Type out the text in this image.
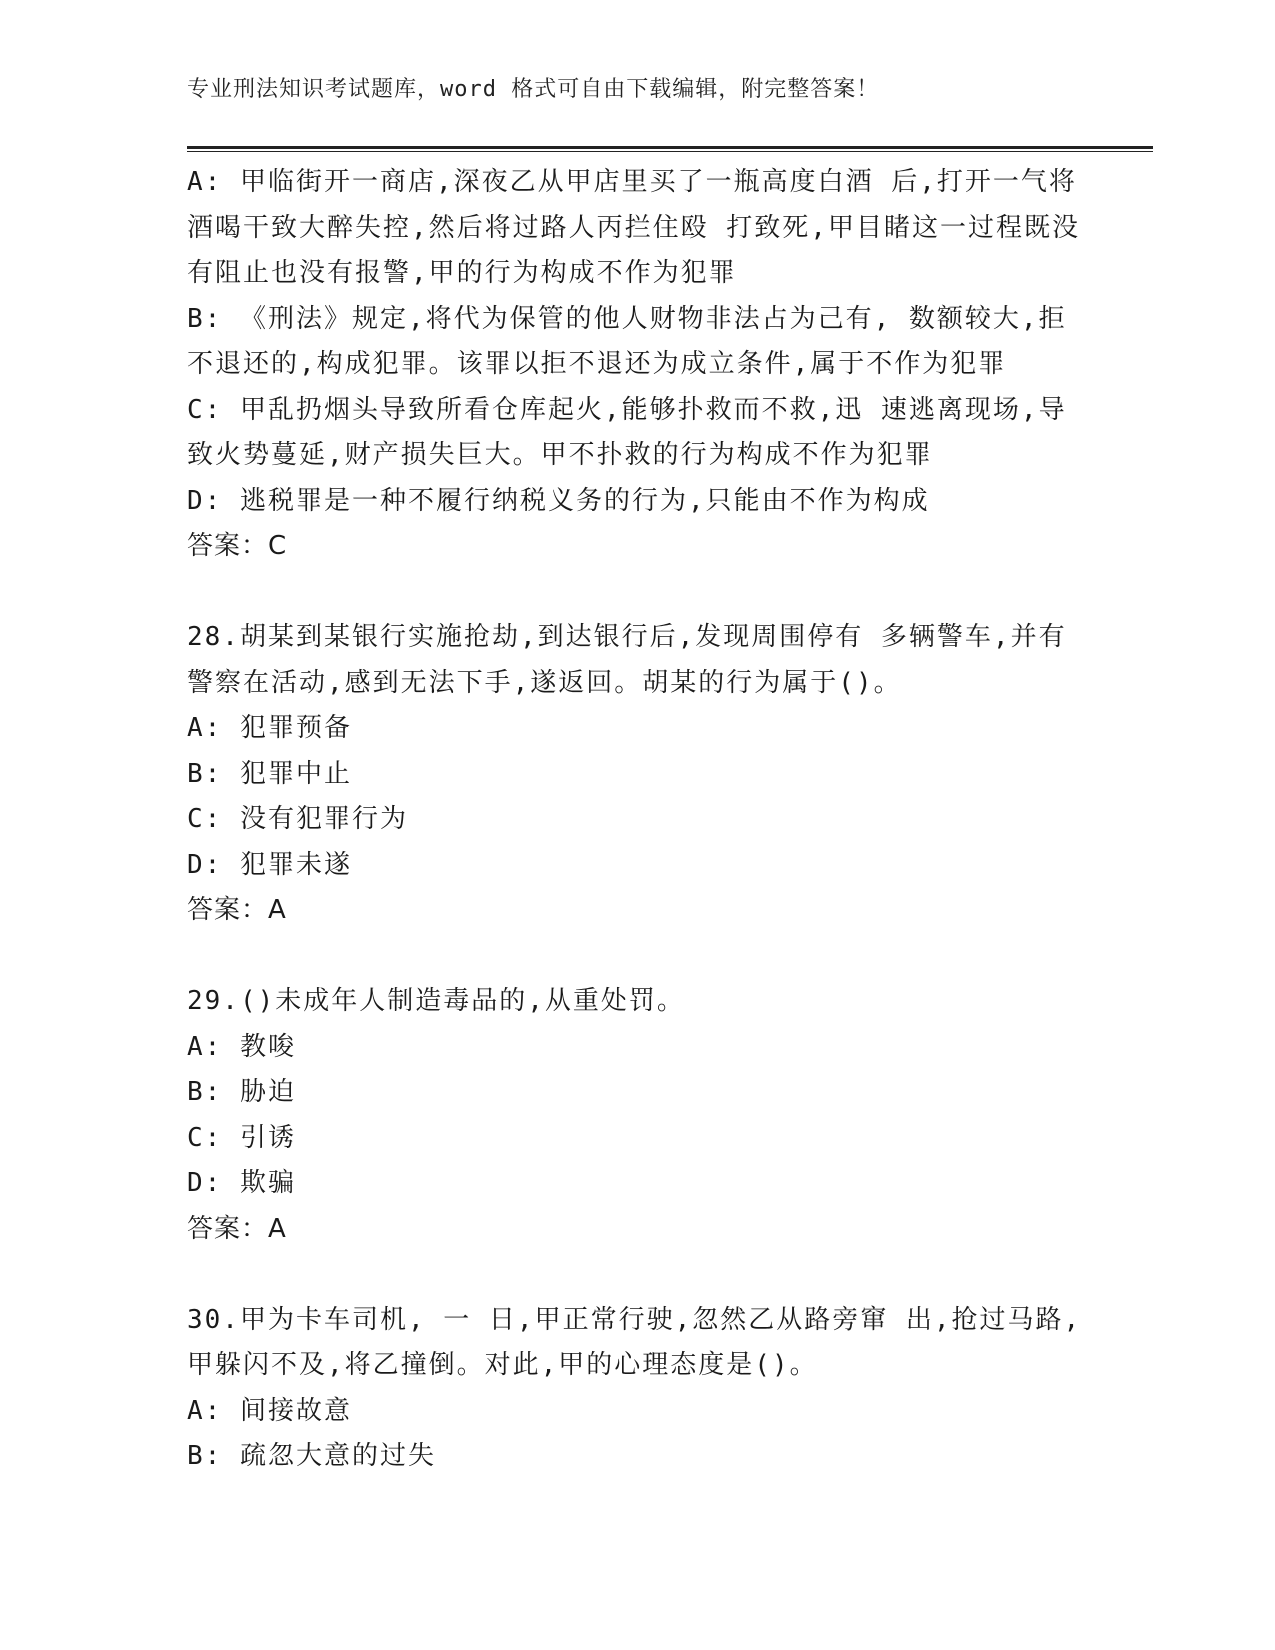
专业刑法知识考试题库，word 格式可自由下载编辑，附完整答案！

A: 甲临街开一商店,深夜乙从甲店里买了一瓶高度白酒 后,打开一气将酒喝干致大醉失控,然后将过路人丙拦住殴 打致死,甲目睹这一过程既没有阻止也没有报警,甲的行为构成不作为犯罪

B: 《刑法》规定,将代为保管的他人财物非法占为己有, 数额较大,拒不退还的,构成犯罪。该罪以拒不退还为成立条件,属于不作为犯罪

C: 甲乱扔烟头导致所看仓库起火,能够扑救而不救,迅 速逃离现场,导致火势蔓延,财产损失巨大。甲不扑救的行为构成不作为犯罪

D: 逃税罪是一种不履行纳税义务的行为,只能由不作为构成

答案：C

28.胡某到某银行实施抢劫,到达银行后,发现周围停有 多辆警车,并有警察在活动,感到无法下手,遂返回。胡某的行为属于()。

A: 犯罪预备

B: 犯罪中止

C: 没有犯罪行为

D: 犯罪未遂

答案：A

29.()未成年人制造毒品的,从重处罚。

A: 教唆

B: 胁迫

C: 引诱

D: 欺骗

答案：A

30.甲为卡车司机, 一 日,甲正常行驶,忽然乙从路旁窜 出,抢过马路,甲躲闪不及,将乙撞倒。对此,甲的心理态度是()。

A: 间接故意

B: 疏忽大意的过失
